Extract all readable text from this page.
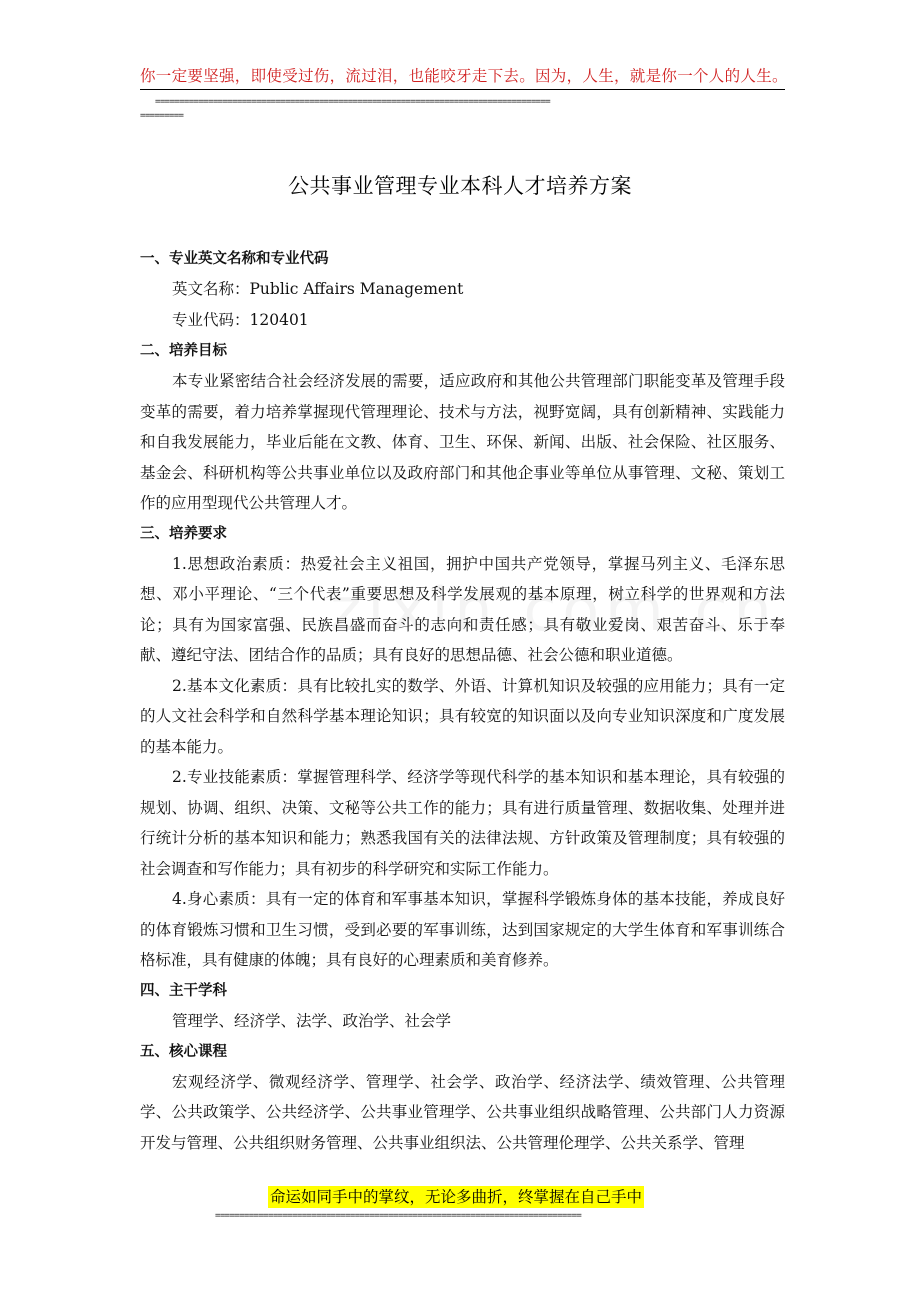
你一定要坚强，即使受过伤，流过泪，也能咬牙走下去。因为，人生，就是你一个人的人生。
==================================================================================
=========
公共事业管理专业本科人才培养方案

一、专业英文名称和专业代码

英文名称：Public Affairs Management

专业代码：120401

二、培养目标

本专业紧密结合社会经济发展的需要，适应政府和其他公共管理部门职能变革及管理手段变革的需要，着力培养掌握现代管理理论、技术与方法，视野宽阔，具有创新精神、实践能力和自我发展能力，毕业后能在文教、体育、卫生、环保、新闻、出版、社会保险、社区服务、 基金会、科研机构等公共事业单位以及政府部门和其他企事业等单位从事管理、文秘、策划工作的应用型现代公共管理人才。

三、培养要求

1.思想政治素质：热爱社会主义祖国，拥护中国共产党领导，掌握马列主义、毛泽东思想、邓小平理论、“三个代表”重要思想及科学发展观的基本原理，树立科学的世界观和方法论；具有为国家富强、民族昌盛而奋斗的志向和责任感；具有敬业爱岗、艰苦奋斗、乐于奉献、遵纪守法、团结合作的品质；具有良好的思想品德、社会公德和职业道德。

2.基本文化素质：具有比较扎实的数学、外语、计算机知识及较强的应用能力；具有一定的人文社会科学和自然科学基本理论知识；具有较宽的知识面以及向专业知识深度和广度发展的基本能力。

2.专业技能素质：掌握管理科学、经济学等现代科学的基本知识和基本理论，具有较强的规划、协调、组织、决策、文秘等公共工作的能力；具有进行质量管理、数据收集、处理并进行统计分析的基本知识和能力；熟悉我国有关的法律法规、方针政策及管理制度；具有较强的社会调查和写作能力；具有初步的科学研究和实际工作能力。

4.身心素质：具有一定的体育和军事基本知识，掌握科学锻炼身体的基本技能，养成良好的体育锻炼习惯和卫生习惯，受到必要的军事训练，达到国家规定的大学生体育和军事训练合格标准，具有健康的体魄；具有良好的心理素质和美育修养。

四、主干学科

管理学、经济学、法学、政治学、社会学

五、核心课程

宏观经济学、微观经济学、管理学、社会学、政治学、经济法学、绩效管理、公共管理学、公共政策学、公共经济学、公共事业管理学、公共事业组织战略管理、公共部门人力资源开发与管理、公共组织财务管理、公共事业组织法、公共管理伦理学、公共关系学、管理

命运如同手中的掌纹，无论多曲折，终掌握在自己手中
============================================================================
